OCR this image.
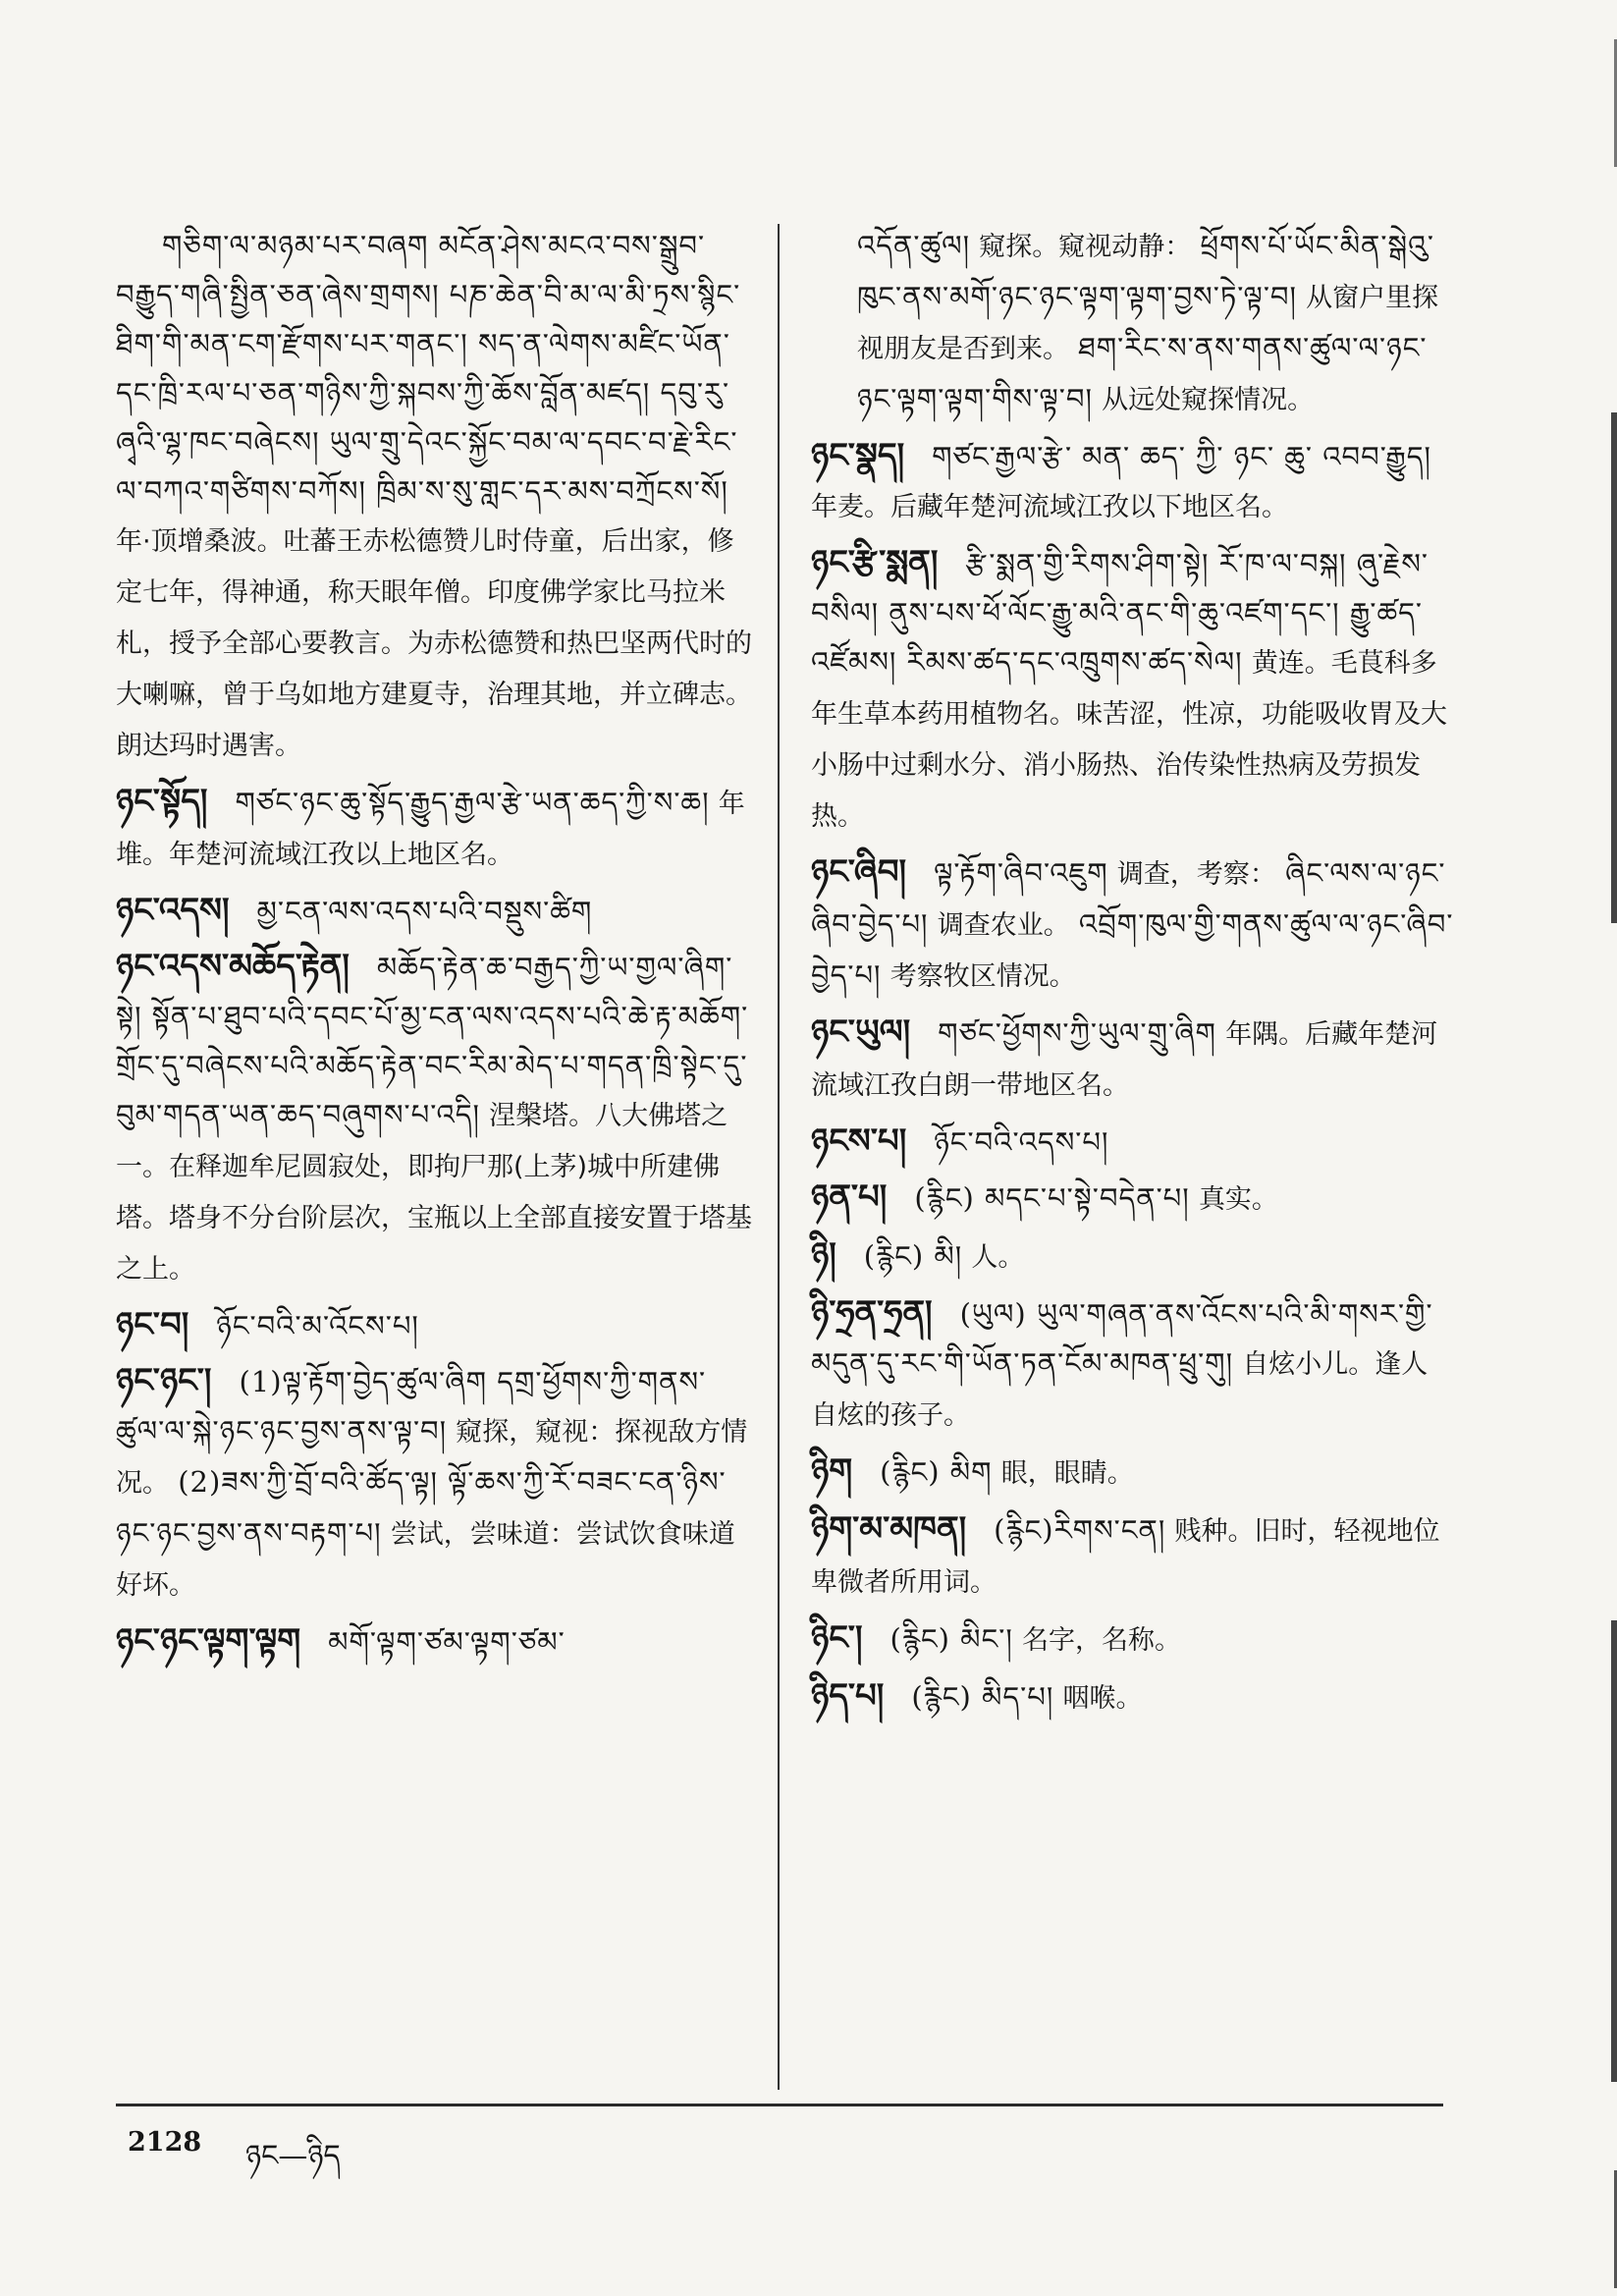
གཅིག་ལ་མཉམ་པར་བཞག མངོན་ཤེས་མངའ་བས་སྒྲུབ་བརྒྱུད་གཞི་སྤྱིན་ཅན་ཞེས་གྲགས། པཎ་ཆེན་བི་མ་ལ་མི་ཏྲས་སྙིང་ཐིག་གི་མན་ངག་རྫོགས་པར་གནང་། སད་ན་ལེགས་མཛིང་ཡོན་དང་ཁྲི་རལ་པ་ཅན་གཉིས་ཀྱི་སྐབས་ཀྱི་ཆོས་བློན་མཛད། དབུ་རུ་ཞྭའི་ལྷ་ཁང་བཞེངས། ཡུལ་གྲུ་དེའང་སྐྱོང་བམ་ལ་དབང་བ་རྗེ་རིང་ལ་བཀའ་གཙིགས་བཀོས། ཁྲིམ་ས་སུ་གླང་དར་མས་བཀྲོངས་སོ། 年·顶增桑波。吐蕃王赤松德赞儿时侍童，后出家，修定七年，得神通，称天眼年僧。印度佛学家比马拉米札，授予全部心要教言。为赤松德赞和热巴坚两代时的大喇嘛，曾于乌如地方建夏寺，治理其地，并立碑志。朗达玛时遇害。
ཉང་སྟོད། གཙང་ཉང་ཆུ་སྟོད་རྒྱུད་རྒྱལ་རྩེ་ཡན་ཆད་ཀྱི་ས་ཆ། 年堆。年楚河流域江孜以上地区名。
ཉང་འདས། མྱ་ངན་ལས་འདས་པའི་བསྡུས་ཚིག
ཉང་འདས་མཆོད་རྟེན། མཆོད་རྟེན་ཆ་བརྒྱད་ཀྱི་ཡ་གྱལ་ཞིག་སྟེ། སྟོན་པ་ཐུབ་པའི་དབང་པོ་མྱ་ངན་ལས་འདས་པའི་ཆེ་རྟ་མཆོག་གྲོང་དུ་བཞེངས་པའི་མཆོད་རྟེན་བང་རིམ་མེད་པ་གདན་ཁྲི་སྟེང་དུ་བུམ་གདན་ཡན་ཆད་བཞུགས་པ་འདི། 涅槃塔。八大佛塔之一。在释迦牟尼圆寂处，即拘尸那(上茅)城中所建佛塔。塔身不分台阶层次，宝瓶以上全部直接安置于塔基之上。
ཉང་བ། ཉོང་བའི་མ་འོངས་པ།
ཉང་ཉང་། (1)ལྟ་རྟོག་བྱེད་ཚུལ་ཞིག དགྲ་ཕྱོགས་ཀྱི་གནས་ཚུལ་ལ་སྐེ་ཉང་ཉང་བྱས་ནས་ལྟ་བ། 窥探，窥视：探视敌方情况。 (2)ཟས་ཀྱི་བྲོ་བའི་ཚོད་ལྟ། ལྟོ་ཆས་ཀྱི་རོ་བཟང་ངན་ཉིས་ཉང་ཉང་བྱས་ནས་བརྟག་པ། 尝试，尝味道：尝试饮食味道好坏。
ཉང་ཉང་ལྟག་ལྟག མགོ་ལྟག་ཙམ་ལྟག་ཙམ་
འདོན་ཚུལ། 窥探。窥视动静： ཕྲོགས་པོ་ཡོང་མིན་སྒེའུ་ཁུང་ནས་མགོ་ཉང་ཉང་ལྟག་ལྟག་བྱས་ཏེ་ལྟ་བ། 从窗户里探视朋友是否到来。 ཐག་རིང་ས་ནས་གནས་ཚུལ་ལ་ཉང་ཉང་ལྟག་ལྟག་གིས་ལྟ་བ། 从远处窥探情况。
ཉང་སྣད། གཙང་རྒྱལ་རྩེ་ མན་ ཆད་ ཀྱི་ ཉང་ ཆུ་ འབབ་རྒྱུད། 年麦。后藏年楚河流域江孜以下地区名。
ཉང་རྩི་སྨན། རྩི་སྨན་གྱི་རིགས་ཤིག་སྟེ། རོ་ཁ་ལ་བསྐ། ཞུ་རྗེས་བསིལ། ནུས་པས་ཕོ་ལོང་རྒྱུ་མའི་ནང་གི་ཆུ་འཛག་དང་། རྒྱུ་ཚད་འཛོམས། རིམས་ཚད་དང་འཁྲུགས་ཚད་སེལ། 黄连。毛茛科多年生草本药用植物名。味苦涩，性凉，功能吸收胃及大小肠中过剩水分、消小肠热、治传染性热病及劳损发热。
ཉང་ཞིབ། ལྟ་རྟོག་ཞིབ་འཇུག 调查，考察： ཞིང་ལས་ལ་ཉང་ཞིབ་བྱེད་པ། 调查农业。 འབྲོག་ཁུལ་གྱི་གནས་ཚུལ་ལ་ཉང་ཞིབ་བྱེད་པ། 考察牧区情况。
ཉང་ཡུལ། གཙང་ཕྱོགས་ཀྱི་ཡུལ་གྲུ་ཞིག 年隅。后藏年楚河流域江孜白朗一带地区名。
ཉངས་པ། ཉོང་བའི་འདས་པ།
ཉན་པ། (རྙིང) མདང་པ་སྟེ་བདེན་པ། 真实。
ཉི། (རྙིང) མི། 人。
ཉི་ཧྲན་ཧྲན། (ཡུལ) ཡུལ་གཞན་ནས་འོངས་པའི་མི་གསར་གྱི་མདུན་དུ་རང་གི་ཡོན་ཏན་ངོམ་མཁན་ཕྲུ་གུ། 自炫小儿。逢人自炫的孩子。
ཉིག (རྙིང) མིག 眼，眼睛。
ཉིག་མ་མཁན། (རྙིང)རིགས་ངན། 贱种。旧时，轻视地位卑微者所用词。
ཉིང་། (རྙིང) མིང་། 名字，名称。
ཉིད་པ། (རྙིང) མིད་པ། 咽喉。
2128 ཉང—ཉིད
